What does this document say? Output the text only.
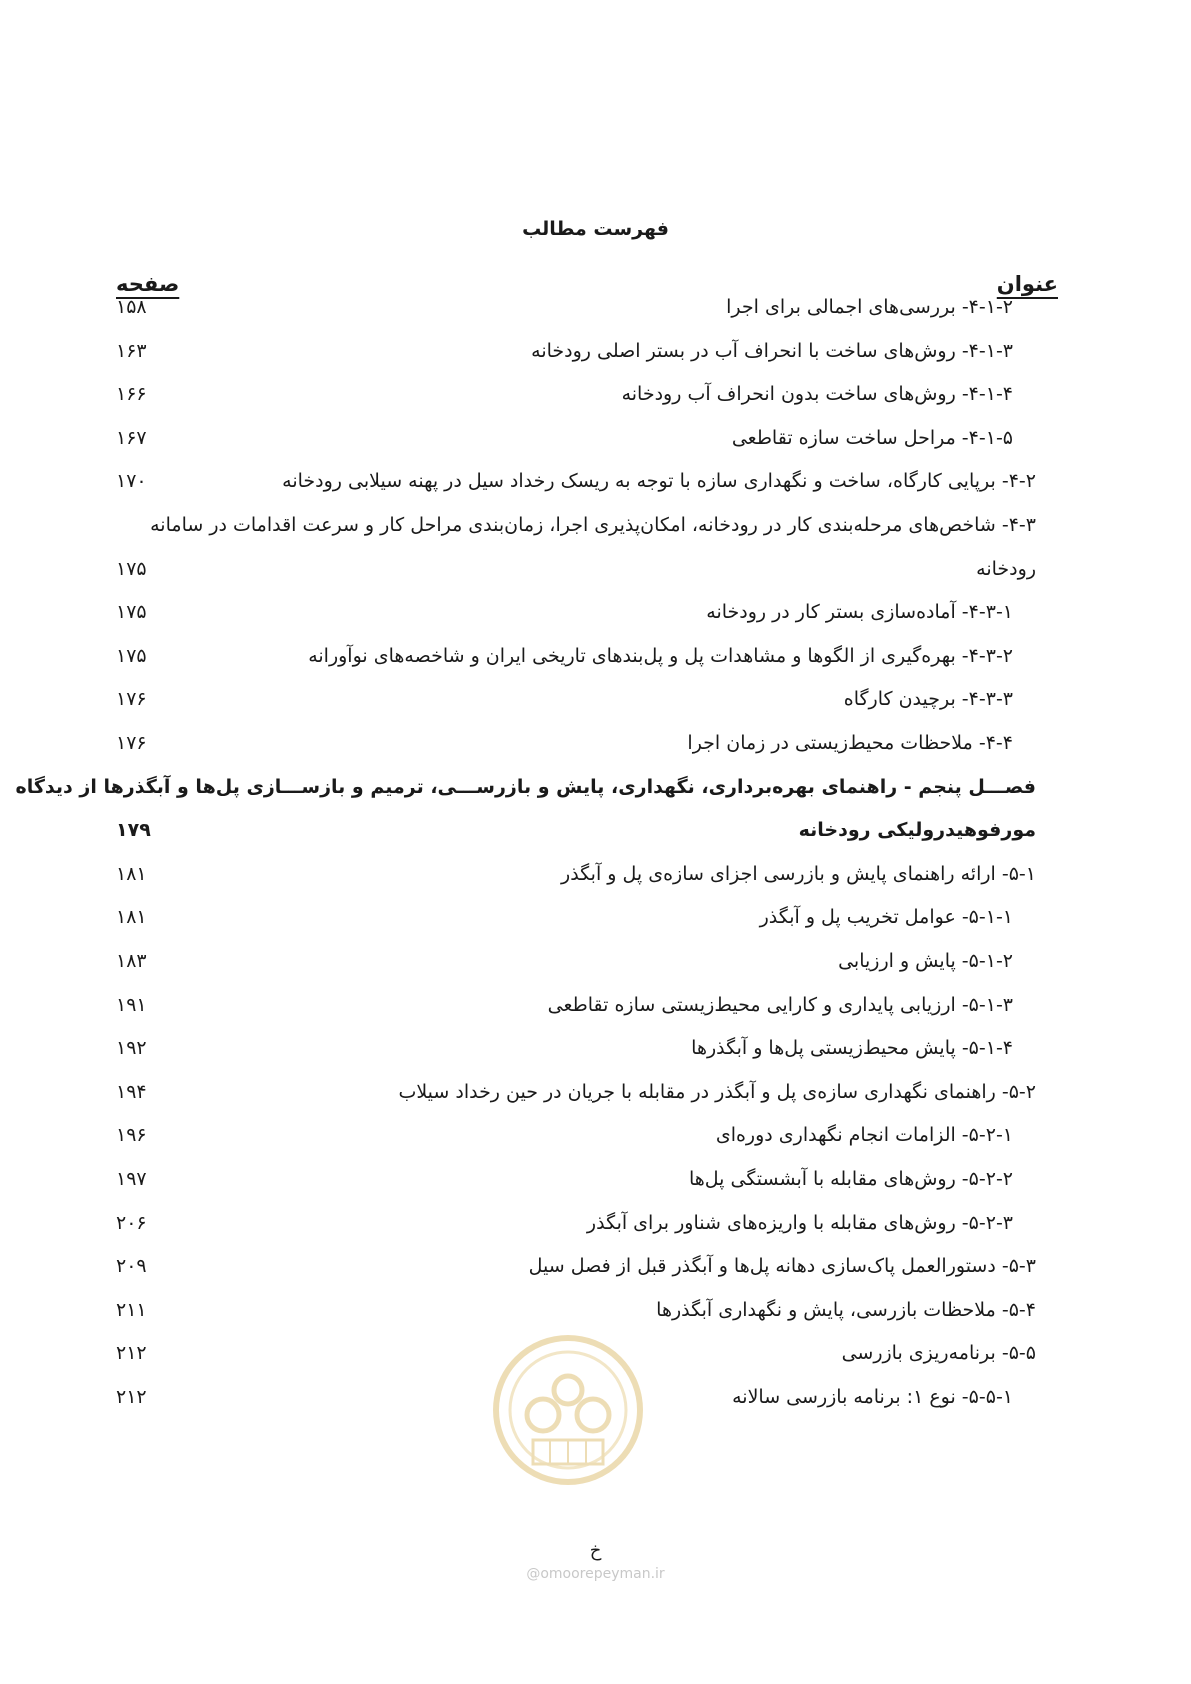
فهرست مطالب
عنوان
صفحه
۴-۱-۲- بررسی‌های اجمالی برای اجرا
۱۵۸
۴-۱-۳- روش‌های ساخت با انحراف آب در بستر اصلی رودخانه
۱۶۳
۴-۱-۴- روش‌های ساخت بدون انحراف آب رودخانه
۱۶۶
۴-۱-۵- مراحل ساخت سازه تقاطعی
۱۶۷
۴-۲- برپایی کارگاه، ساخت و نگهداری سازه با توجه به ریسک رخداد سیل در پهنه سیلابی رودخانه
۱۷۰
۴-۳- شاخص‌های مرحله‌بندی کار در رودخانه، امکان‌پذیری اجرا، زمان‌بندی مراحل کار و سرعت اقدامات در سامانه
رودخانه
۱۷۵
۴-۳-۱- آماده‌سازی بستر کار در رودخانه
۱۷۵
۴-۳-۲- بهره‌گیری از الگوها و مشاهدات پل و پل‌بندهای تاریخی ایران و شاخصه‌های نوآورانه
۱۷۵
۴-۳-۳- برچیدن کارگاه
۱۷۶
۴-۴- ملاحظات محیط‌زیستی در زمان اجرا
۱۷۶
فصـــل پنجم - راهنمای بهره‌برداری، نگهداری، پایش و بازرســـی، ترمیم و بازســـازی پل‌ها و آبگذرها از دیدگاه
مورفوهیدرولیکی رودخانه
۱۷۹
۵-۱- ارائه راهنمای پایش و بازرسی اجزای سازه‌ی پل و آبگذر
۱۸۱
۵-۱-۱- عوامل تخریب پل و آبگذر
۱۸۱
۵-۱-۲- پایش و ارزیابی
۱۸۳
۵-۱-۳- ارزیابی پایداری و کارایی محیط‌زیستی سازه تقاطعی
۱۹۱
۵-۱-۴- پایش محیط‌زیستی پل‌ها و آبگذرها
۱۹۲
۵-۲- راهنمای نگهداری سازه‌ی پل و آبگذر در مقابله با جریان در حین رخداد سیلاب
۱۹۴
۵-۲-۱- الزامات انجام نگهداری دوره‌ای
۱۹۶
۵-۲-۲- روش‌های مقابله با آبشستگی پل‌ها
۱۹۷
۵-۲-۳- روش‌های مقابله با واریزه‌های شناور برای آبگذر
۲۰۶
۵-۳- دستورالعمل پاک‌سازی دهانه پل‌ها و آبگذر قبل از فصل سیل
۲۰۹
۵-۴- ملاحظات بازرسی، پایش و نگهداری آبگذرها
۲۱۱
۵-۵- برنامه‌ریزی بازرسی
۲۱۲
۵-۵-۱- نوع ۱: برنامه بازرسی سالانه
۲۱۲
خ
@omoorepeyman.ir
